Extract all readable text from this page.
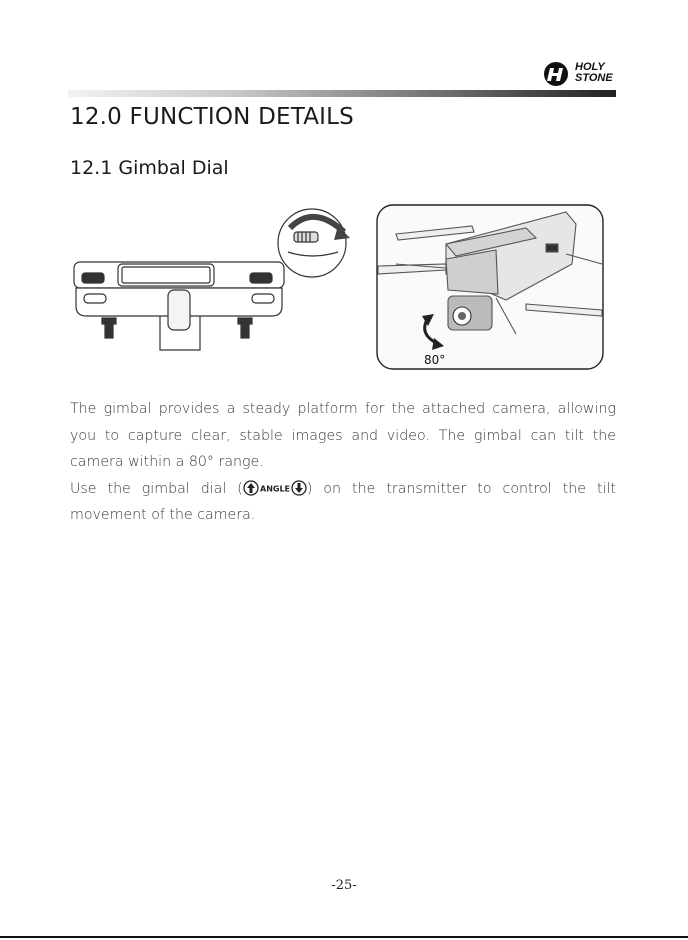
HOLY
STONE
12.0 FUNCTION DETAILS
12.1 Gimbal Dial
80°

The gimbal provides a steady platform for the attached camera, allowing you to capture clear, stable images and video. The gimbal can tilt the camera within a 80° range.

Use the gimbal dial ( ANGLE ) on the transmitter to control the tilt movement of the camera.

-25-
